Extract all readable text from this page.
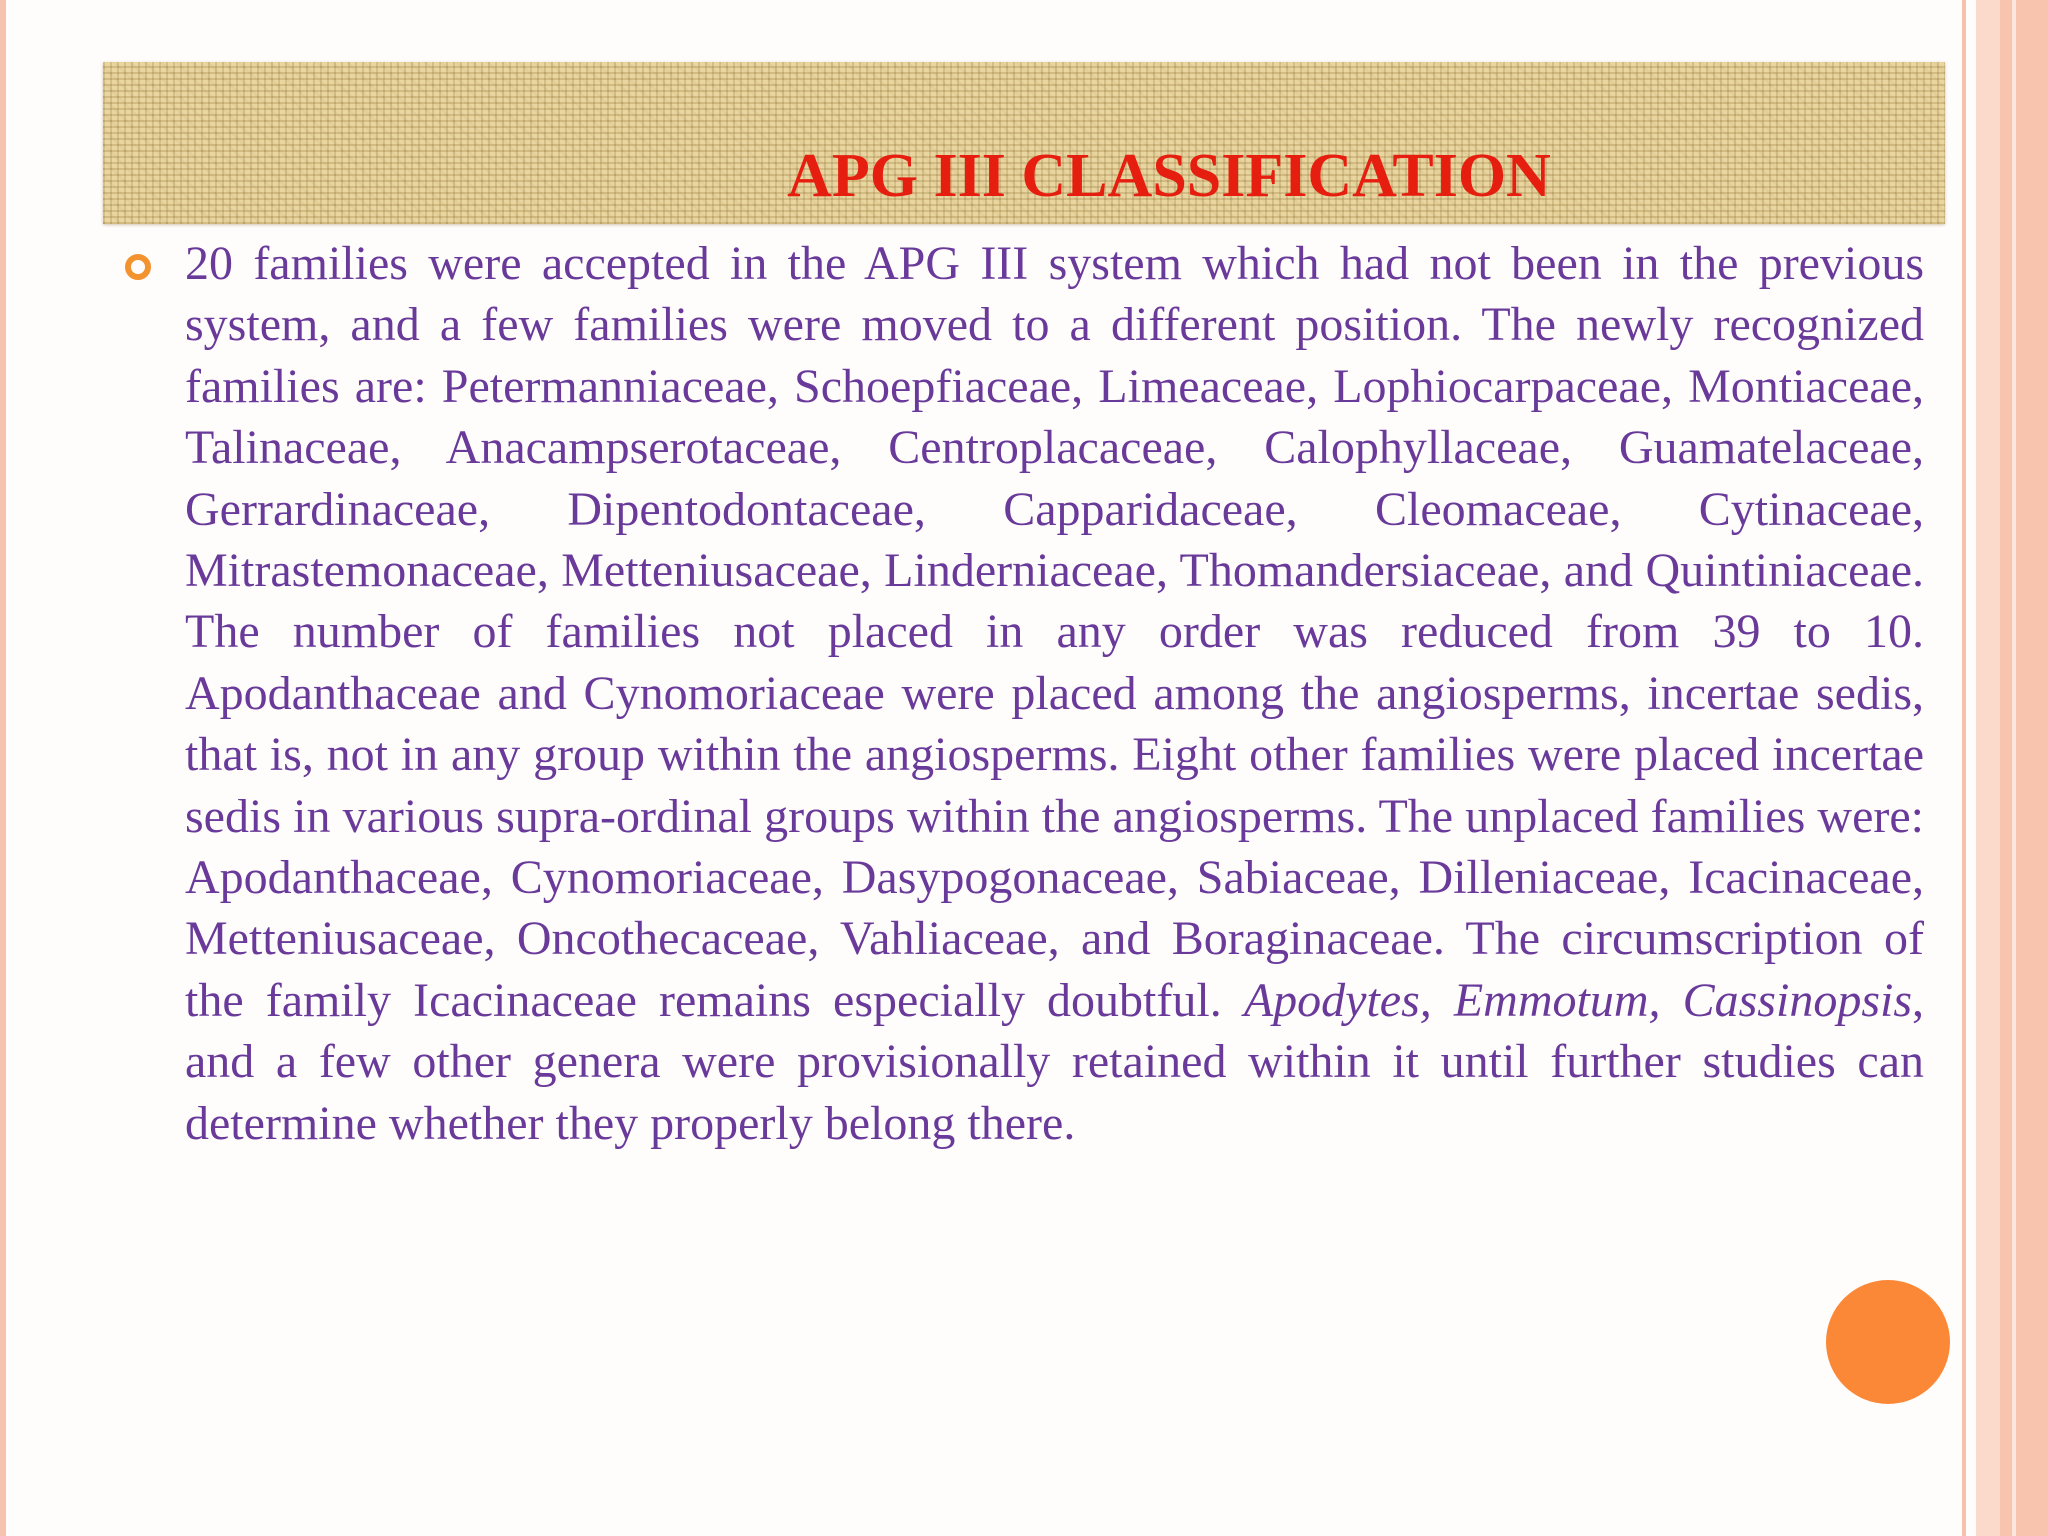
APG III CLASSIFICATION
20 families were accepted in the APG III system which had not been in the previous system, and a few families were moved to a different position. The newly recognized families are: Petermanniaceae, Schoepfiaceae, Limeaceae, Lophiocarpaceae, Montiaceae, Talinaceae, Anacampserotaceae, Centroplacaceae, Calophyllaceae, Guamatelaceae, Gerrardinaceae, Dipentodontaceae, Capparidaceae, Cleomaceae, Cytinaceae, Mitrastemonaceae, Metteniusaceae, Linderniaceae, Thomandersiaceae, and Quintiniaceae. The number of families not placed in any order was reduced from 39 to 10. Apodanthaceae and Cynomoriaceae were placed among the angiosperms, incertae sedis, that is, not in any group within the angiosperms. Eight other families were placed incertae sedis in various supra-ordinal groups within the angiosperms. The unplaced families were: Apodanthaceae, Cynomoriaceae, Dasypogonaceae, Sabiaceae, Dilleniaceae, Icacinaceae, Metteniusaceae, Oncothecaceae, Vahliaceae, and Boraginaceae. The circumscription of the family Icacinaceae remains especially doubtful. Apodytes, Emmotum, Cassinopsis, and a few other genera were provisionally retained within it until further studies can determine whether they properly belong there.
